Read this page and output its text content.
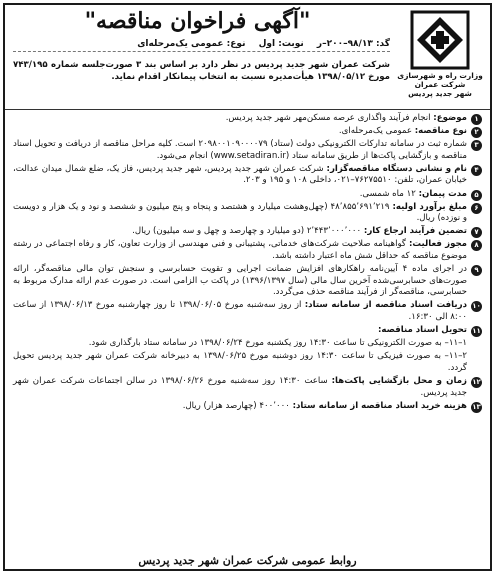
وزارت راه و شهرسازی
شرکت عمران
شهر جدید پردیس
"آگهی فراخوان مناقصه"
گد: ۹۸/۱۳–۲۰۰–ر نوبت: اول نوع: عمومی یک‌مرحله‌ای
شرکت عمران شهر جدید پردیس در نظر دارد بر اساس بند ۳ صورت‌جلسه شماره ۷۴۳/۱۹۵ مورخ ۱۳۹۸/۰۵/۱۲ هیأت‌مدیره نسبت به انتخاب پیمانکار اقدام نماید.
۱
موضوع: انجام فرآیند واگذاری عرصه مسکن‌مهر شهر جدید پردیس.
۲
نوع مناقصه: عمومی یک‌مرحله‌ای.
۳
شماره ثبت در سامانه تدارکات الکترونیکی دولت (ستاد) ۲۰۹۸۰۰۱۰۹۰۰۰۰۷۹ است. کلیه مراحل مناقصه از دریافت و تحویل اسناد مناقصه و بازگشایی پاکت‌ها از طریق سامانه ستاد (www.setadiran.ir) انجام می‌شود.
۴
نام و نشانی دستگاه مناقصه‌گزار: شرکت عمران شهر جدید پردیس، شهر جدید پردیس، فاز یک، ضلع شمال میدان عدالت، خیابان عمران، تلفن: ۷۶۲۷۵۵۱۰–۰۲۱، داخلی ۱۰۸ و ۱۹۵ و ۲۰۳.
۵
مدت پیمان: ۱۲ ماه شمسی.
۶
مبلغ برآورد اولیه: ۴۸٬۸۵۵٬۶۹۱٬۲۱۹ (چهل‌وهشت میلیارد و هشتصد و پنجاه و پنج میلیون و ششصد و نود و یک هزار و دویست و نوزده) ریال.
۷
تضمین فرآیند ارجاع کار: ۲٬۴۴۳٬۰۰۰٬۰۰۰ (دو میلیارد و چهارصد و چهل و سه میلیون) ریال.
۸
مجوز فعالیت: گواهینامه صلاحیت شرکت‌های خدماتی، پشتیبانی و فنی مهندسی از وزارت تعاون، کار و رفاه اجتماعی در رشته موضوع مناقصه که حداقل شش ماه اعتبار داشته باشد.
۹
در اجرای ماده ۴ آیین‌نامه راهکارهای افزایش ضمانت اجرایی و تقویت حسابرسی و سنجش توان مالی مناقصه‌گر، ارائه صورت‌های حسابرسی‌شده آخرین سال مالی (سال ۱۳۹۶/۱۳۹۷) در پاکت ب الزامی است. در صورت عدم ارائه مدارک مربوط به حسابرسی، مناقصه‌گر از فرآیند مناقصه حذف می‌گردد.
۱۰
دریافت اسناد مناقصه از سامانه ستاد: از روز سه‌شنبه مورخ ۱۳۹۸/۰۶/۰۵ تا روز چهارشنبه مورخ ۱۳۹۸/۰۶/۱۳ از ساعت ۸:۰۰ الی ۱۶:۳۰.
۱۱
تحویل اسناد مناقصه:
۱–۱۱– به صورت الکترونیکی تا ساعت ۱۴:۳۰ روز یکشنبه مورخ ۱۳۹۸/۰۶/۲۴ در سامانه ستاد بارگذاری شود.
۲–۱۱– به صورت فیزیکی تا ساعت ۱۴:۳۰ روز دوشنبه مورخ ۱۳۹۸/۰۶/۲۵ به دبیرخانه شرکت عمران شهر جدید پردیس تحویل گردد.
۱۲
زمان و محل بازگشایی پاکت‌ها: ساعت ۱۴:۳۰ روز سه‌شنبه مورخ ۱۳۹۸/۰۶/۲۶ در سالن اجتماعات شرکت عمران شهر جدید پردیس.
۱۳
هزینه خرید اسناد مناقصه از سامانه ستاد: ۴۰۰٬۰۰۰ (چهارصد هزار) ریال.
روابط عمومی شرکت عمران شهر جدید پردیس
